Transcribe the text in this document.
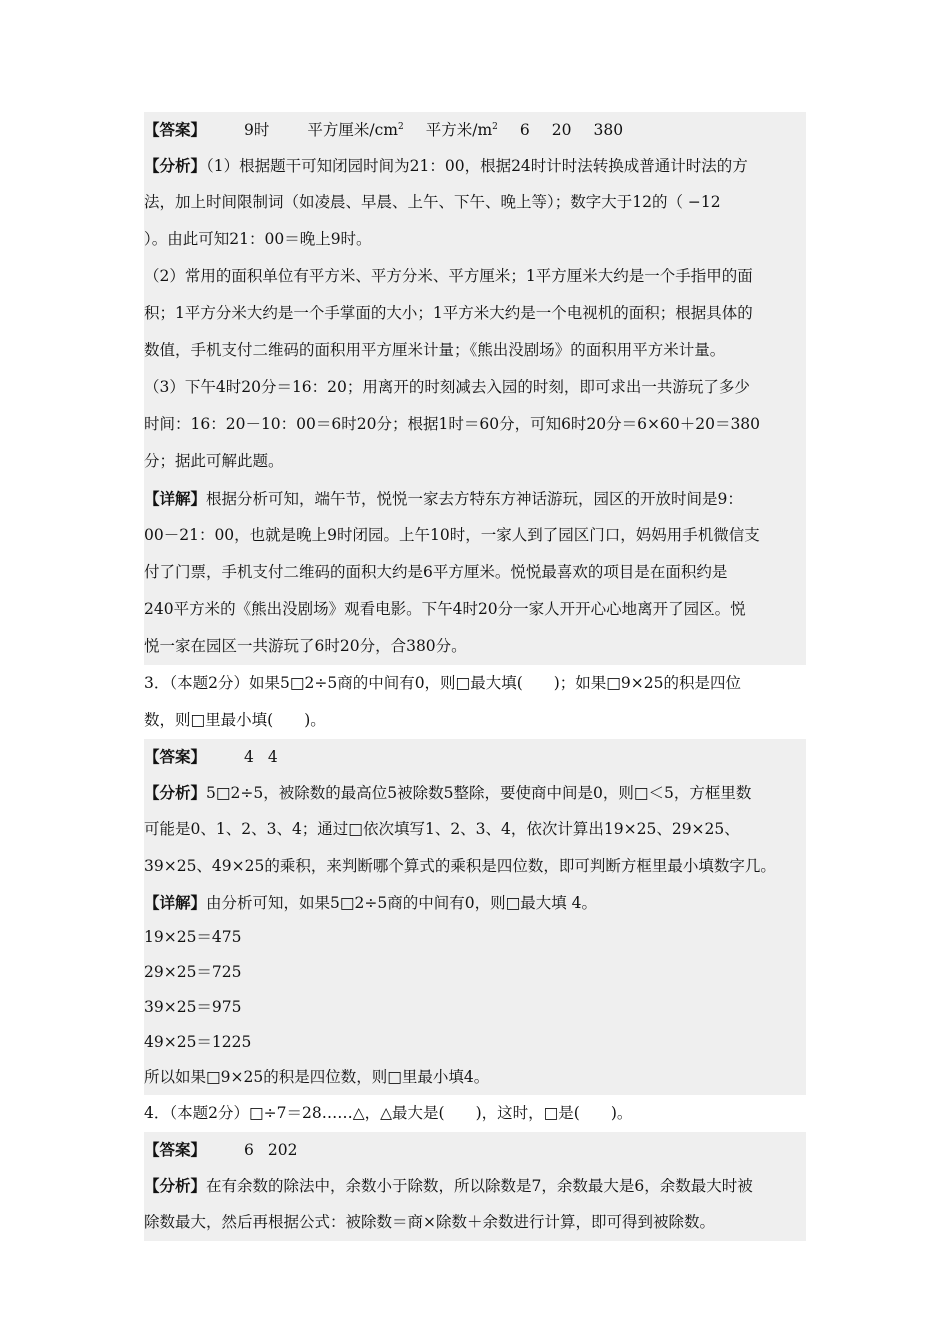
【答案】 9时 平方厘米$/cm^2$ 平方米$/m^2$ 6 20 380
【分析】（1）根据题干可知闭园时间为21：00，根据24时计时法转换成普通计时法的方
法，加上时间限制词（如凌晨、早晨、上午、下午、晚上等）；数字大于12的（ −12
）。由此可知21：00＝晚上9时。
（2）常用的面积单位有平方米、平方分米、平方厘米；1平方厘米大约是一个手指甲的面
积；1平方分米大约是一个手掌面的大小；1平方米大约是一个电视机的面积；根据具体的
数值，手机支付二维码的面积用平方厘米计量；《熊出没剧场》的面积用平方米计量。
（3）下午4时20分＝16：20；用离开的时刻减去入园的时刻，即可求出一共游玩了多少
时间：16：20－10：00＝6时20分；根据1时＝60分，可知6时20分＝6×60＋20＝380
分；据此可解此题。
【详解】根据分析可知，端午节，悦悦一家去方特东方神话游玩，园区的开放时间是9：
00－21：00，也就是晚上9时闭园。上午10时，一家人到了园区门口，妈妈用手机微信支
付了门票，手机支付二维码的面积大约是6平方厘米。悦悦最喜欢的项目是在面积约是
240平方米的《熊出没剧场》观看电影。下午4时20分一家人开开心心地离开了园区。悦
悦一家在园区一共游玩了6时20分，合380分。
3．（本题2分）如果5□2÷5商的中间有0，则□最大填(　　)；如果□9×25的积是四位
数，则□里最小填(　　)。
【答案】 4 4
【分析】5□2÷5，被除数的最高位5被除数5整除，要使商中间是0，则□＜5，方框里数
可能是0、1、2、3、4；通过□依次填写1、2、3、4，依次计算出19×25、29×25、
39×25、49×25的乘积，来判断哪个算式的乘积是四位数，即可判断方框里最小填数字几。
【详解】由分析可知，如果5□2÷5商的中间有0，则□最大填 4。
19×25＝475
29×25＝725
39×25＝975
49×25＝1225
所以如果□9×25的积是四位数，则□里最小填4。
4．（本题2分）□÷7＝28……△，△最大是(　　)，这时，□是(　　)。
【答案】 6 202
【分析】在有余数的除法中，余数小于除数，所以除数是7，余数最大是6，余数最大时被
除数最大，然后再根据公式：被除数＝商×除数＋余数进行计算，即可得到被除数。
